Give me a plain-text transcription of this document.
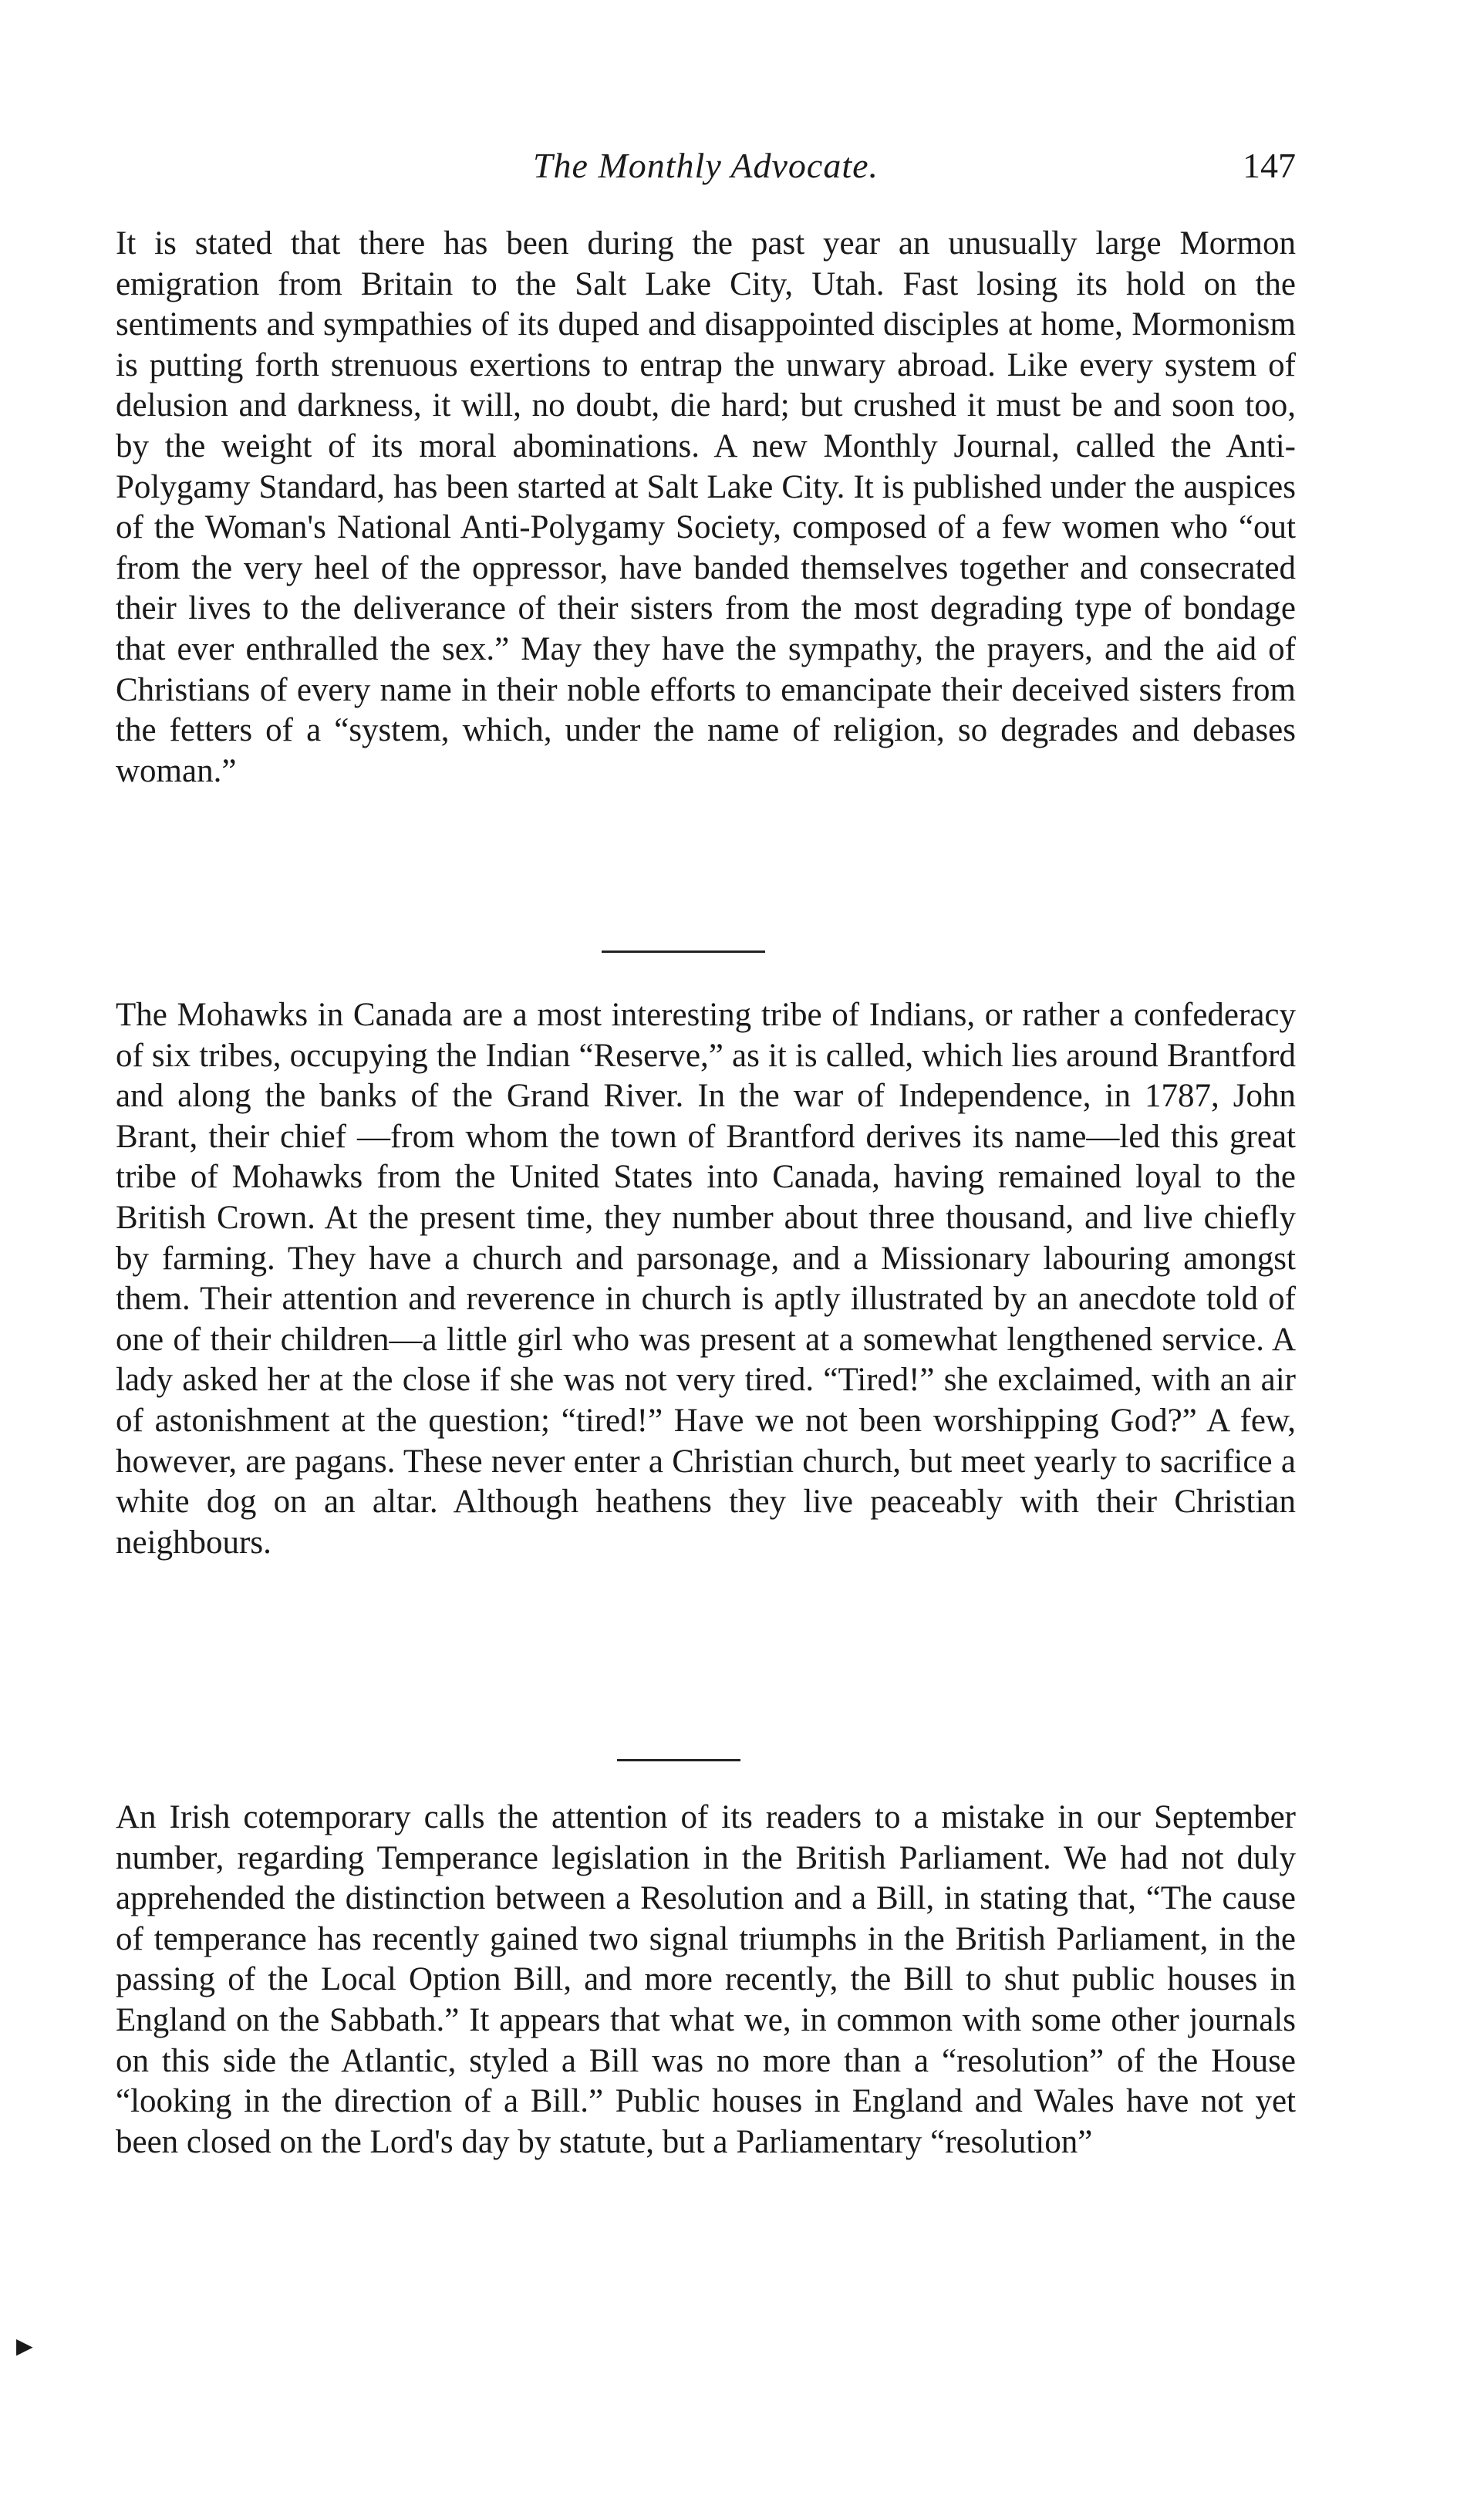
The Monthly Advocate.	147

It is stated that there has been during the past year an unusually large Mormon emigration from Britain to the Salt Lake City, Utah. Fast losing its hold on the sentiments and sympathies of its duped and disappointed disciples at home, Mormonism is putting forth strenuous exertions to entrap the unwary abroad. Like every system of delusion and darkness, it will, no doubt, die hard; but crushed it must be and soon too, by the weight of its moral abominations. A new Monthly Journal, called the Anti-Polygamy Standard, has been started at Salt Lake City. It is published under the auspices of the Woman's National Anti-Polygamy Society, composed of a few women who “out from the very heel of the oppressor, have banded themselves together and consecrated their lives to the deliverance of their sisters from the most degrading type of bondage that ever enthralled the sex.” May they have the sympathy, the prayers, and the aid of Christians of every name in their noble efforts to emancipate their deceived sisters from the fetters of a “system, which, under the name of religion, so degrades and debases woman.”

The Mohawks in Canada are a most interesting tribe of Indians, or rather a confederacy of six tribes, occupying the Indian “Reserve,” as it is called, which lies around Brantford and along the banks of the Grand River. In the war of Independence, in 1787, John Brant, their chief —from whom the town of Brantford derives its name—led this great tribe of Mohawks from the United States into Canada, having remained loyal to the British Crown. At the present time, they number about three thousand, and live chiefly by farming. They have a church and parsonage, and a Missionary labouring amongst them. Their attention and reverence in church is aptly illustrated by an anecdote told of one of their children—a little girl who was present at a somewhat lengthened service. A lady asked her at the close if she was not very tired. “Tired!” she exclaimed, with an air of astonishment at the question; “tired!” Have we not been worshipping God?” A few, however, are pagans. These never enter a Christian church, but meet yearly to sacrifice a white dog on an altar. Although heathens they live peaceably with their Christian neighbours.

An Irish cotemporary calls the attention of its readers to a mistake in our September number, regarding Temperance legislation in the British Parliament. We had not duly apprehended the distinction between a Resolution and a Bill, in stating that, “The cause of temperance has recently gained two signal triumphs in the British Parliament, in the passing of the Local Option Bill, and more recently, the Bill to shut public houses in England on the Sabbath.” It appears that what we, in common with some other journals on this side the Atlantic, styled a Bill was no more than a “resolution” of the House “looking in the direction of a Bill.” Public houses in England and Wales have not yet been closed on the Lord's day by statute, but a Parliamentary “resolution”

►
